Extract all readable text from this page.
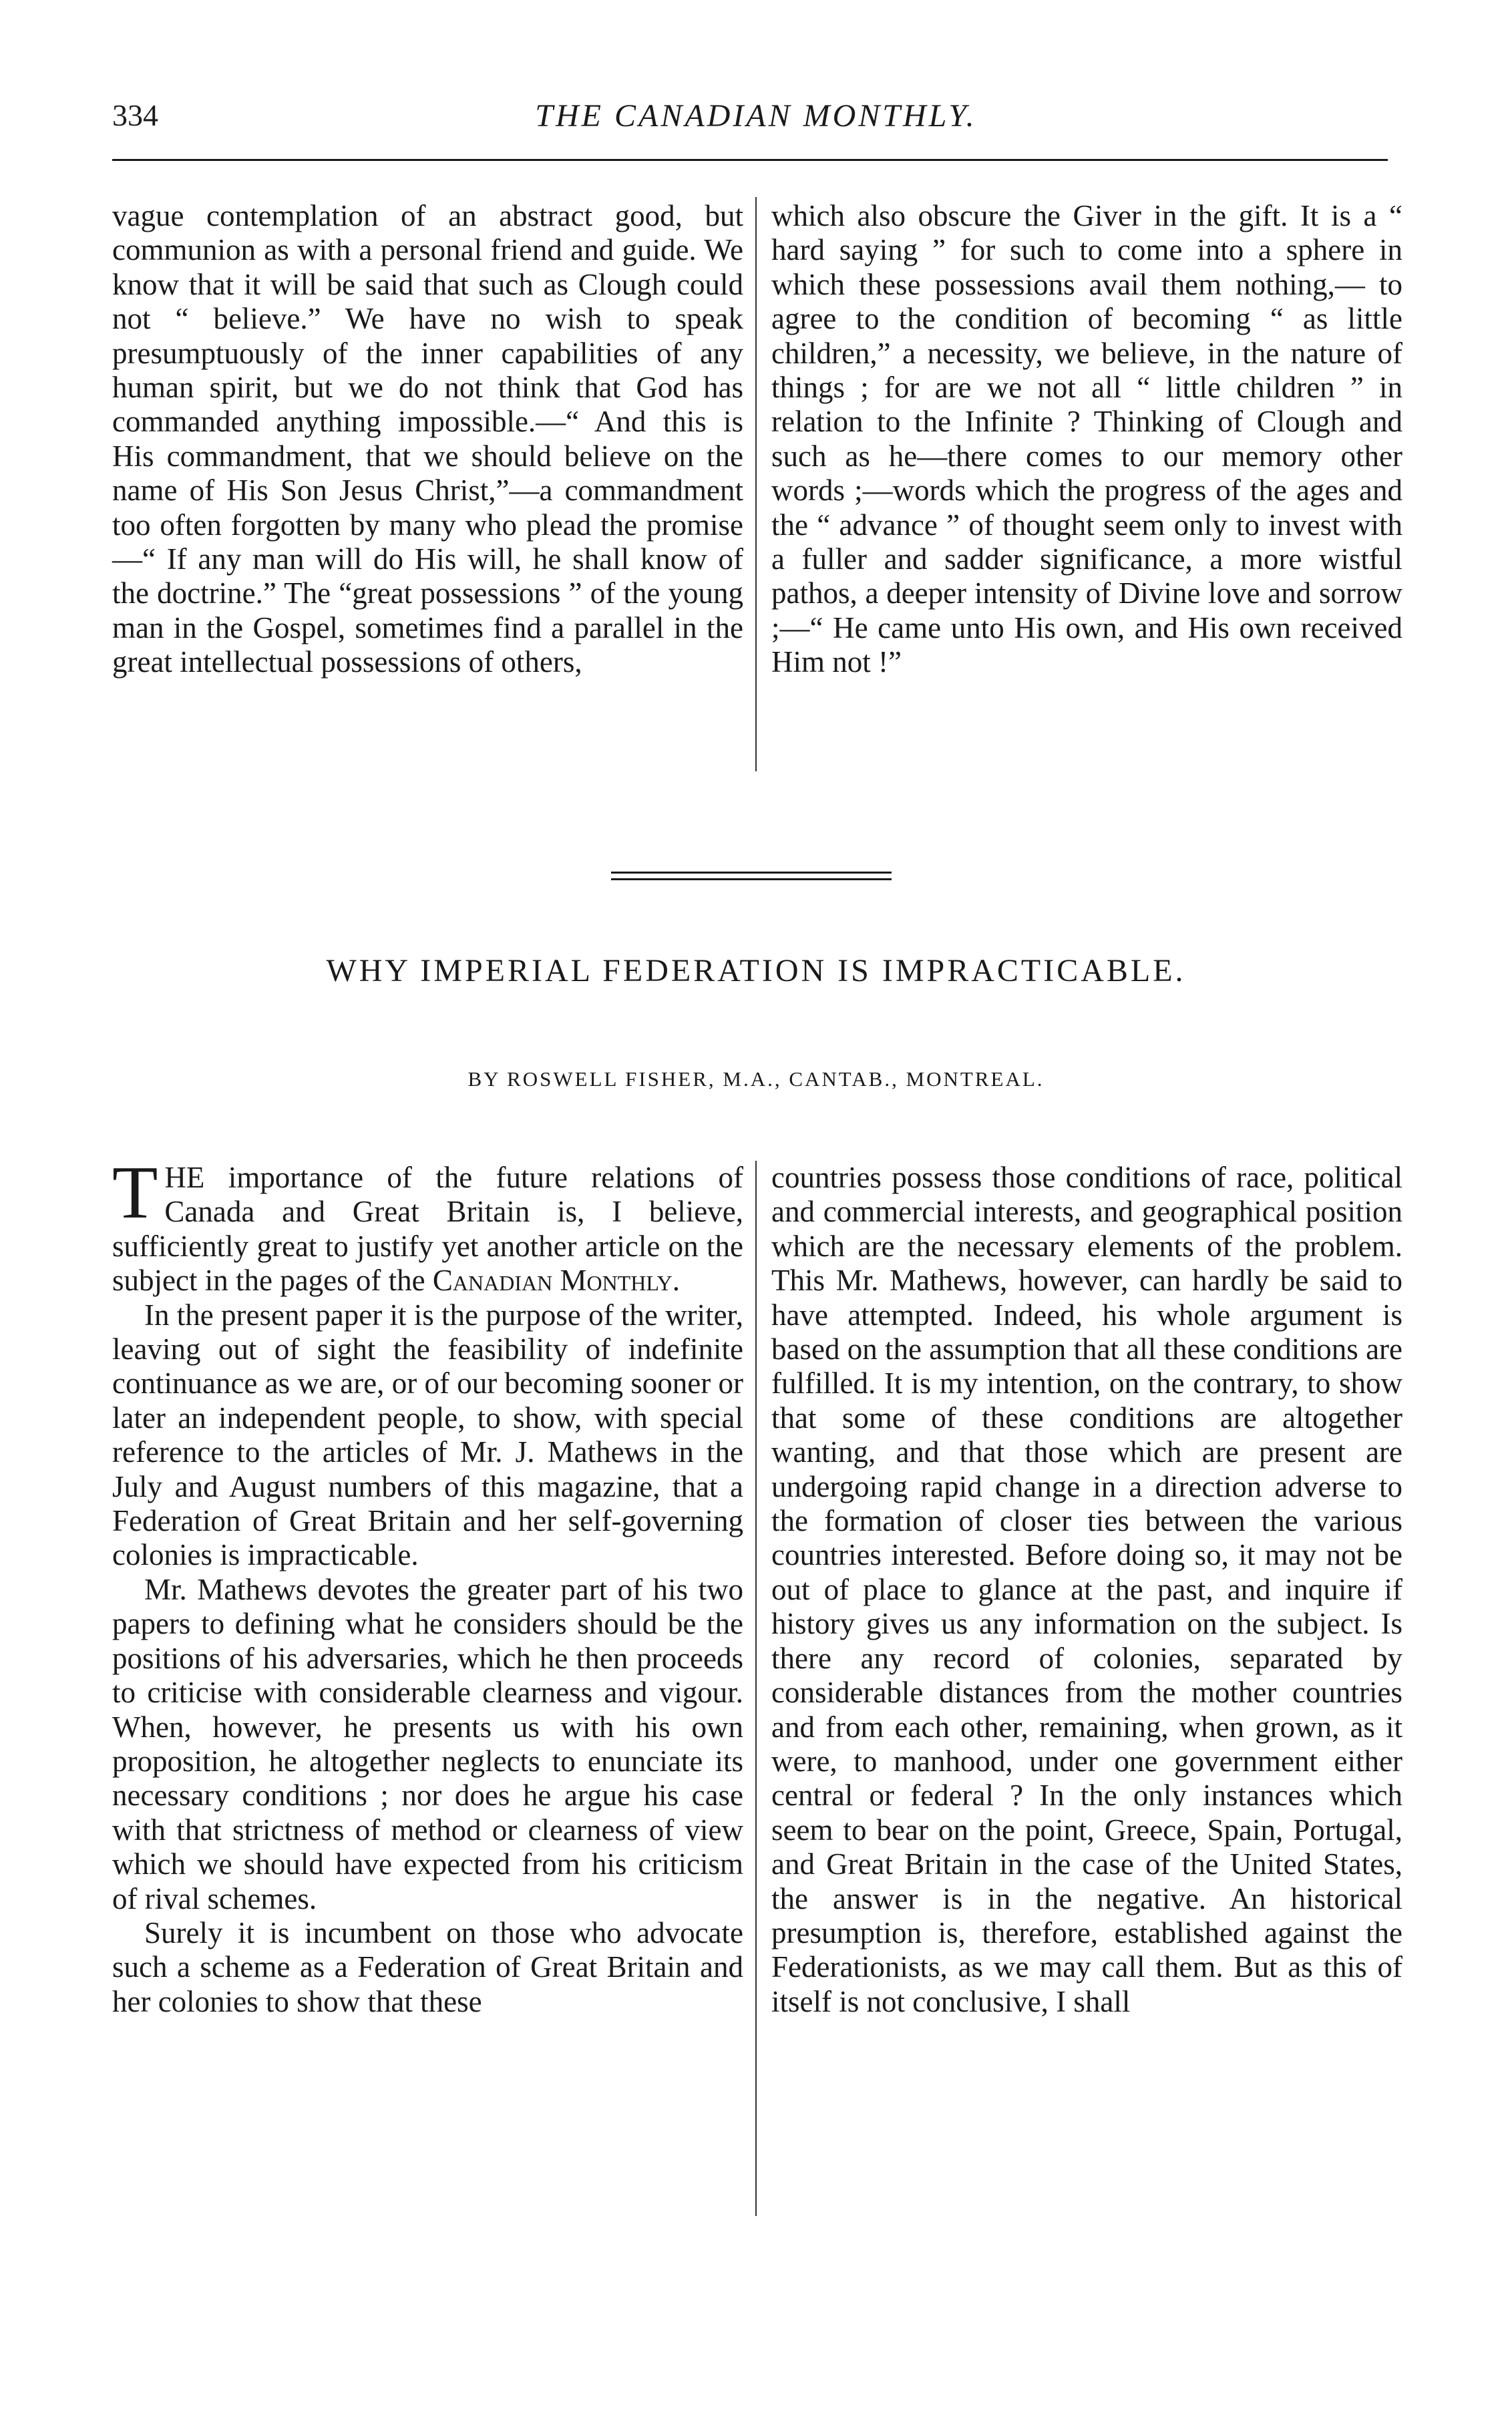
334	THE CANADIAN MONTHLY.

vague contemplation of an abstract good, but communion as with a personal friend and guide. We know that it will be said that such as Clough could not “ believe.” We have no wish to speak presumptuously of the inner capabilities of any human spirit, but we do not think that God has commanded anything impossible.—“ And this is His commandment, that we should believe on the name of His Son Jesus Christ,”—a commandment too often forgotten by many who plead the promise—“ If any man will do His will, he shall know of the doctrine.” The “great possessions ” of the young man in the Gospel, sometimes find a parallel in the great intellectual possessions of others,

which also obscure the Giver in the gift. It is a “ hard saying ” for such to come into a sphere in which these possessions avail them nothing,— to agree to the condition of becoming “ as little children,” a necessity, we believe, in the nature of things ; for are we not all “ little children ” in relation to the Infinite ? Thinking of Clough and such as he—there comes to our memory other words ;—words which the progress of the ages and the “ advance ” of thought seem only to invest with a fuller and sadder significance, a more wistful pathos, a deeper intensity of Divine love and sorrow ;—“ He came unto His own, and His own received Him not !”

WHY IMPERIAL FEDERATION IS IMPRACTICABLE.
BY ROSWELL FISHER, M.A., CANTAB., MONTREAL.

THE importance of the future relations of Canada and Great Britain is, I believe, sufficiently great to justify yet another article on the subject in the pages of the Canadian Monthly.

In the present paper it is the purpose of the writer, leaving out of sight the feasibility of indefinite continuance as we are, or of our becoming sooner or later an independent people, to show, with special reference to the articles of Mr. J. Mathews in the July and August numbers of this magazine, that a Federation of Great Britain and her self-governing colonies is impracticable.

Mr. Mathews devotes the greater part of his two papers to defining what he considers should be the positions of his adversaries, which he then proceeds to criticise with considerable clearness and vigour. When, however, he presents us with his own proposition, he altogether neglects to enunciate its necessary conditions ; nor does he argue his case with that strictness of method or clearness of view which we should have expected from his criticism of rival schemes.

Surely it is incumbent on those who advocate such a scheme as a Federation of Great Britain and her colonies to show that these

countries possess those conditions of race, political and commercial interests, and geographical position which are the necessary elements of the problem. This Mr. Mathews, however, can hardly be said to have attempted. Indeed, his whole argument is based on the assumption that all these conditions are fulfilled. It is my intention, on the contrary, to show that some of these conditions are altogether wanting, and that those which are present are undergoing rapid change in a direction adverse to the formation of closer ties between the various countries interested. Before doing so, it may not be out of place to glance at the past, and inquire if history gives us any information on the subject. Is there any record of colonies, separated by considerable distances from the mother countries and from each other, remaining, when grown, as it were, to manhood, under one government either central or federal ? In the only instances which seem to bear on the point, Greece, Spain, Portugal, and Great Britain in the case of the United States, the answer is in the negative. An historical presumption is, therefore, established against the Federationists, as we may call them. But as this of itself is not conclusive, I shall
